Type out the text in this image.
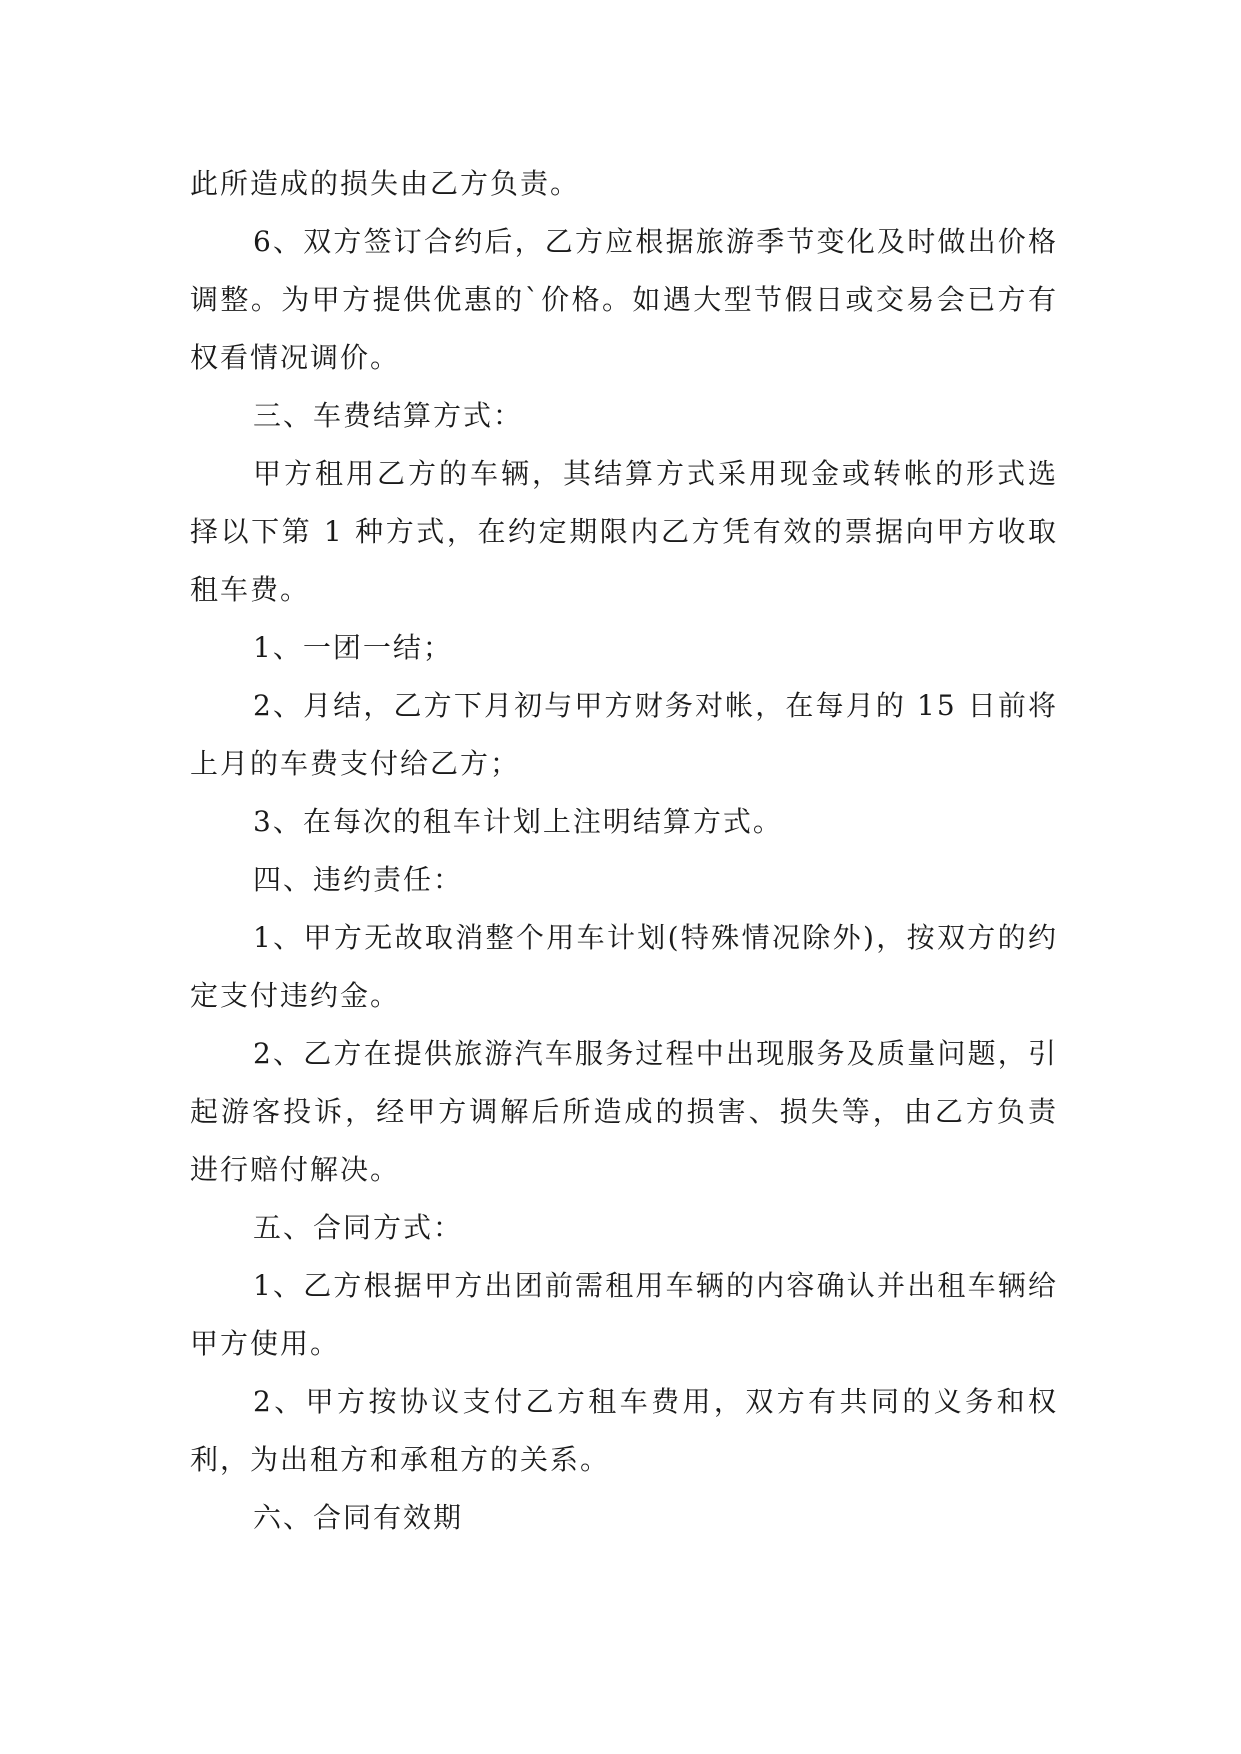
此所造成的损失由乙方负责。

6、双方签订合约后，乙方应根据旅游季节变化及时做出价格调整。为甲方提供优惠的`价格。如遇大型节假日或交易会已方有权看情况调价。

三、车费结算方式：

甲方租用乙方的车辆，其结算方式采用现金或转帐的形式选择以下第 1 种方式，在约定期限内乙方凭有效的票据向甲方收取租车费。

1、一团一结；

2、月结，乙方下月初与甲方财务对帐，在每月的 15 日前将上月的车费支付给乙方；

3、在每次的租车计划上注明结算方式。

四、违约责任：

1、甲方无故取消整个用车计划(特殊情况除外)，按双方的约定支付违约金。

2、乙方在提供旅游汽车服务过程中出现服务及质量问题，引起游客投诉，经甲方调解后所造成的损害、损失等，由乙方负责进行赔付解决。

五、合同方式：

1、乙方根据甲方出团前需租用车辆的内容确认并出租车辆给甲方使用。

2、甲方按协议支付乙方租车费用，双方有共同的义务和权利，为出租方和承租方的关系。

六、合同有效期
